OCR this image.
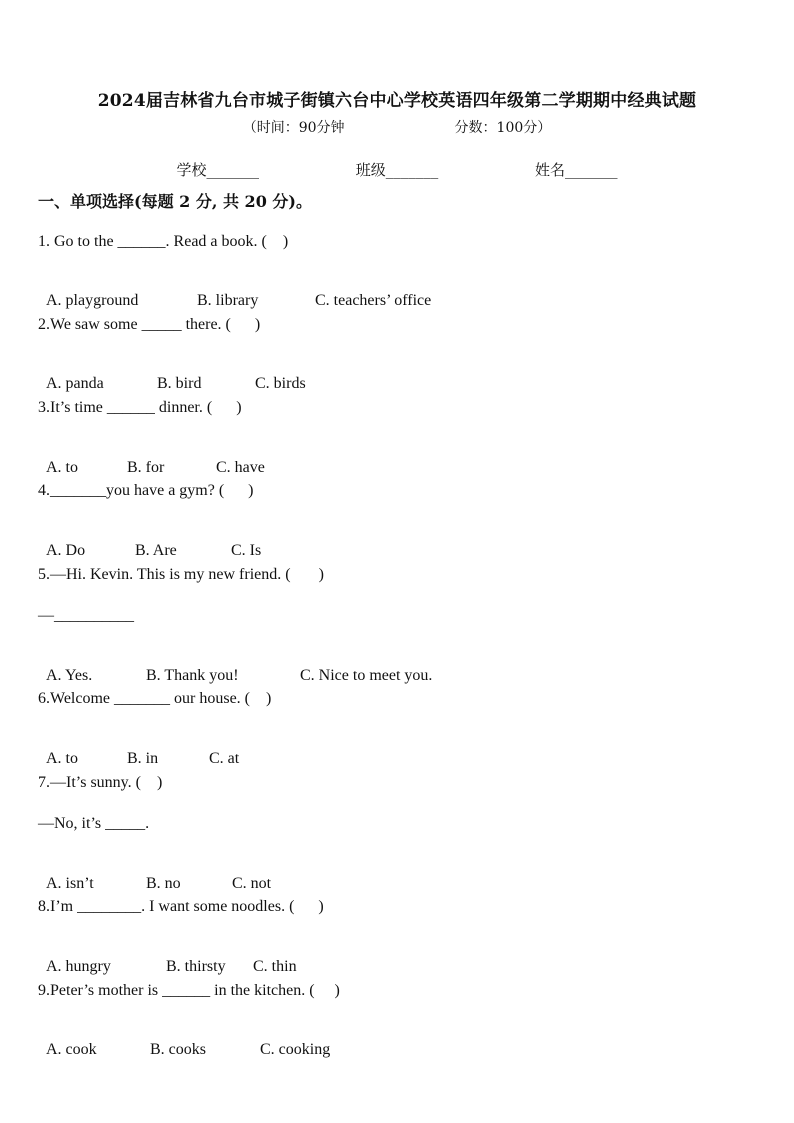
2024届吉林省九台市城子街镇六台中心学校英语四年级第二学期期中经典试题
（时间：90分钟	分数：100分）
学校_______	班级_______	姓名_______
一、单项选择(每题 2 分, 共 20 分)。
1. Go to the ______. Read a book. (    )

A. playground	B. library	C. teachers’ office

2.We saw some _____ there. (      )

A. panda	B. bird	C. birds

3.It’s time ______ dinner. (      )

A. to	B. for	C. have

4._______you have a gym? (      )

A. Do	B. Are	C. Is

5.—Hi. Kevin. This is my new friend. (       )
—__________

A. Yes.	B. Thank you!	C. Nice to meet you.

6.Welcome _______ our house. (    )

A. to	B. in	C. at

7.—It’s sunny. (    )
—No, it’s _____.

A. isn’t	B. no	C. not

8.I’m ________. I want some noodles. (      )

A. hungry	B. thirsty C. thin

9.Peter’s mother is ______ in the kitchen. (     )

A. cook	B. cooks	C. cooking
